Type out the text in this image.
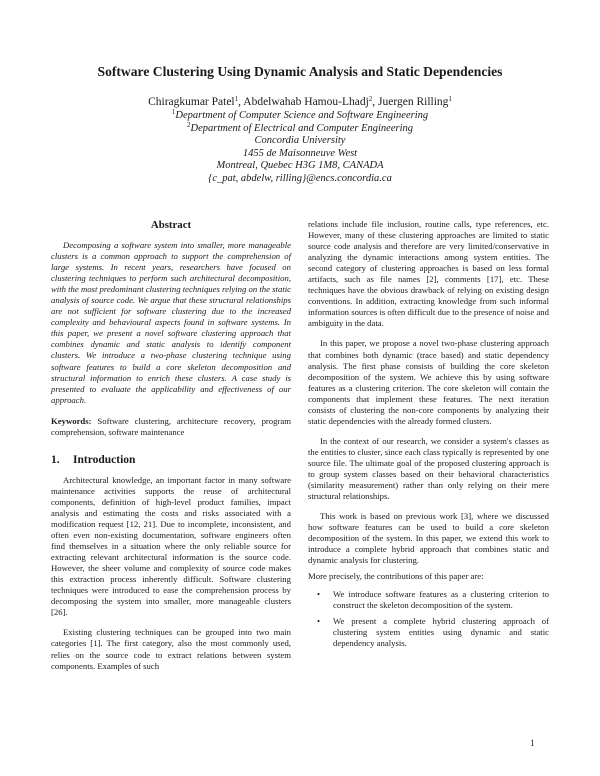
Software Clustering Using Dynamic Analysis and Static Dependencies
Chiragkumar Patel$^1$, Abdelwahab Hamou-Lhadj$^2$, Juergen Rilling$^1$
$^1$Department of Computer Science and Software Engineering
$^2$Department of Electrical and Computer Engineering
Concordia University
1455 de Maisonneuve West
Montreal, Quebec H3G 1M8, CANADA
{c_pat, abdelw, rilling}@encs.concordia.ca

Abstract

Decomposing a software system into smaller, more manageable clusters is a common approach to support the comprehension of large systems. In recent years, researchers have focused on clustering techniques to perform such architectural decomposition, with the most predominant clustering techniques relying on the static analysis of source code. We argue that these structural relationships are not sufficient for software clustering due to the increased complexity and behavioural aspects found in software systems. In this paper, we present a novel software clustering approach that combines dynamic and static analysis to identify component clusters. We introduce a two-phase clustering technique using software features to build a core skeleton decomposition and structural information to enrich these clusters. A case study is presented to evaluate the applicability and effectiveness of our approach.

Keywords: Software clustering, architecture recovery, program comprehension, software maintenance

1. Introduction

Architectural knowledge, an important factor in many software maintenance activities supports the reuse of architectural components, definition of high-level product families, impact analysis and estimating the costs and risks associated with a modification request [12, 21]. Due to incomplete, inconsistent, and often even non-existing documentation, software engineers often find themselves in a situation where the only reliable source for extracting relevant architectural information is the source code. However, the sheer volume and complexity of source code makes this extraction process inherently difficult. Software clustering techniques were introduced to ease the comprehension process by decomposing the system into smaller, more manageable clusters [26].

Existing clustering techniques can be grouped into two main categories [1]. The first category, also the most commonly used, relies on the source code to extract relations between system components. Examples of such

relations include file inclusion, routine calls, type references, etc. However, many of these clustering approaches are limited to static source code analysis and therefore are very limited/conservative in analyzing the dynamic interactions among system entities. The second category of clustering approaches is based on less formal artifacts, such as file names [2], comments [17], etc. These techniques have the obvious drawback of relying on existing design conventions. In addition, extracting knowledge from such informal information sources is often difficult due to the presence of noise and ambiguity in the data.

In this paper, we propose a novel two-phase clustering approach that combines both dynamic (trace based) and static dependency analysis. The first phase consists of building the core skeleton decomposition of the system. We achieve this by using software features as a clustering criterion. The core skeleton will contain the components that implement these features. The next iteration consists of clustering the non-core components by analyzing their static dependencies with the already formed clusters.

In the context of our research, we consider a system's classes as the entities to cluster, since each class typically is represented by one source file. The ultimate goal of the proposed clustering approach is to group system classes based on their behavioral characteristics (similarity measurement) rather than only relying on their mere structural relationships.

This work is based on previous work [3], where we discussed how software features can be used to build a core skeleton decomposition of the system. In this paper, we extend this work to introduce a complete hybrid approach that combines static and dynamic analysis for clustering.

More precisely, the contributions of this paper are:

• We introduce software features as a clustering criterion to construct the skeleton decomposition of the system.
• We present a complete hybrid clustering approach of clustering system entities using dynamic and static dependency analysis.
1
